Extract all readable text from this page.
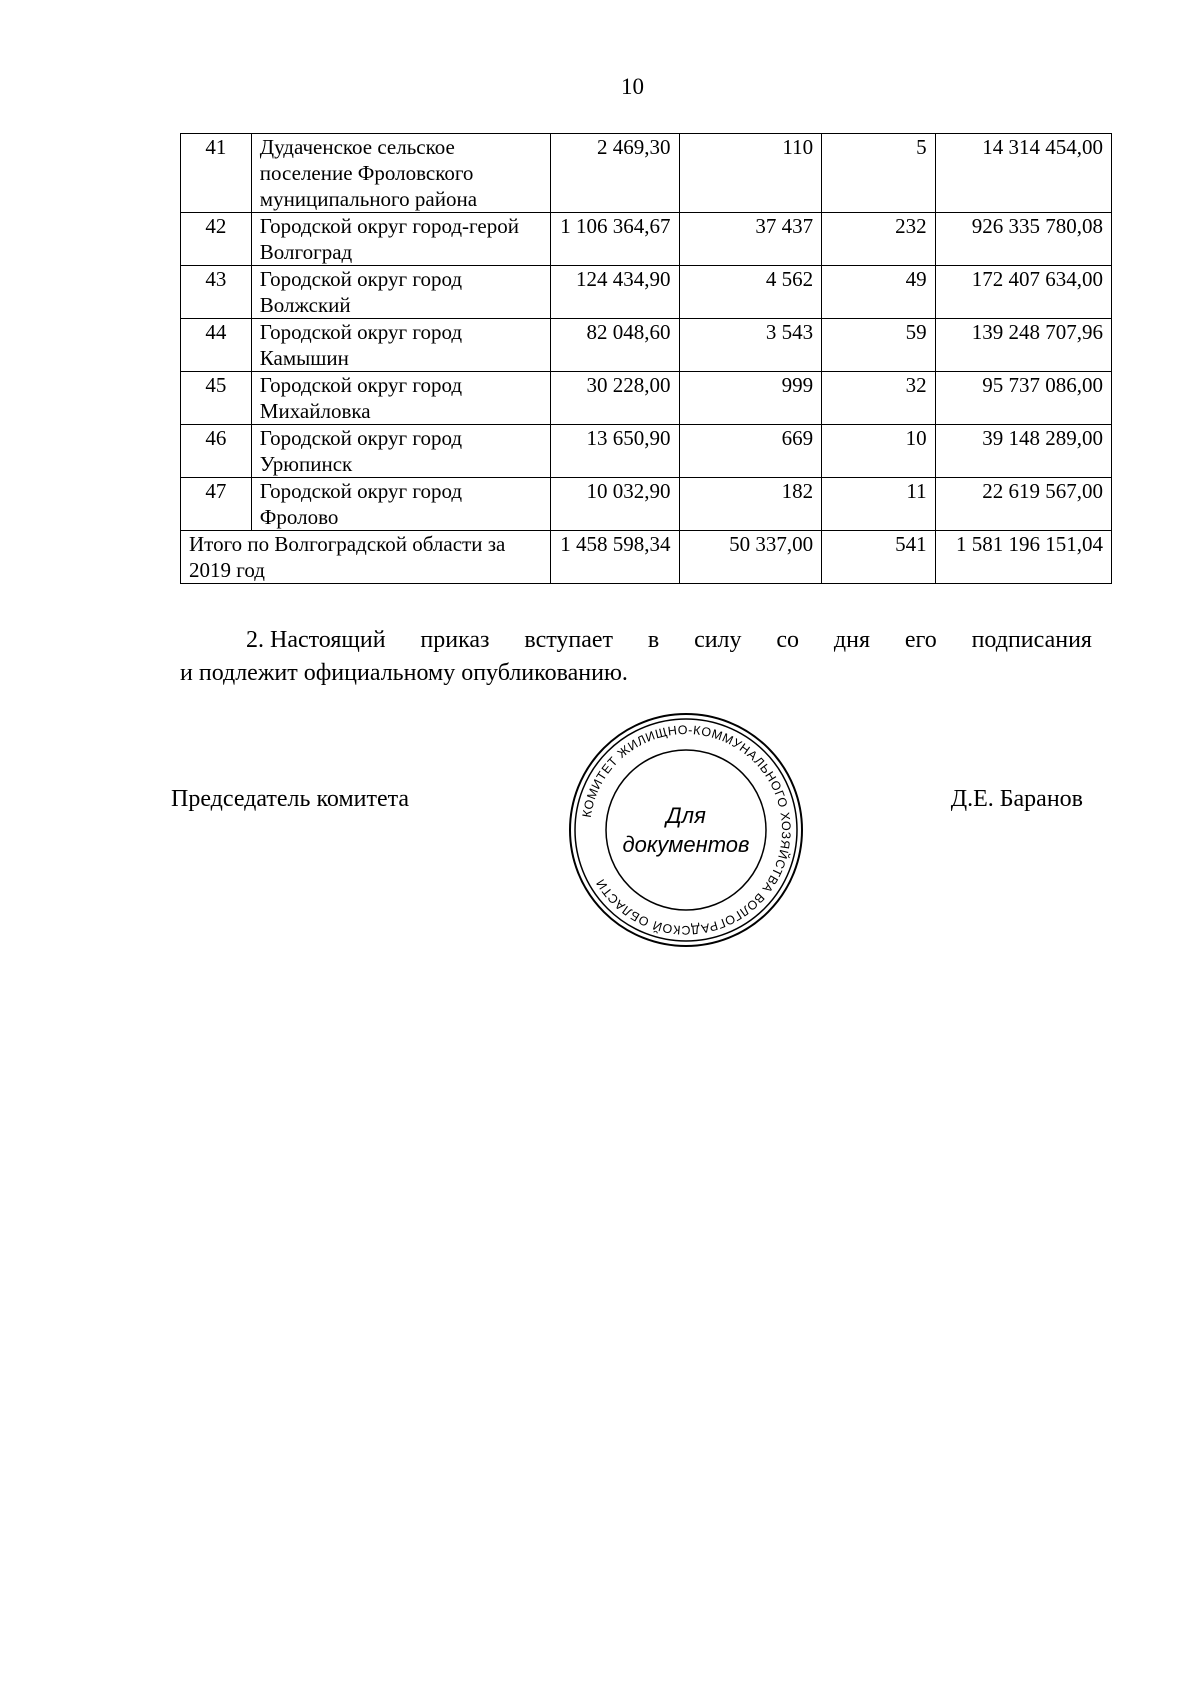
10
41	Дудаченское сельское поселение Фроловского муниципального района	2 469,30	110	5	14 314 454,00
42	Городской округ город-герой Волгоград	1 106 364,67	37 437	232	926 335 780,08
43	Городской округ город Волжский	124 434,90	4 562	49	172 407 634,00
44	Городской округ город Камышин	82 048,60	3 543	59	139 248 707,96
45	Городской округ город Михайловка	30 228,00	999	32	95 737 086,00
46	Городской округ город Урюпинск	13 650,90	669	10	39 148 289,00
47	Городской округ город Фролово	10 032,90	182	11	22 619 567,00
Итого по Волгоградской области за 2019 год		1 458 598,34	50 337,00	541	1 581 196 151,04
2. Настоящий приказ вступает в силу со дня его подписания
и подлежит официальному опубликованию.
Председатель комитета	Д.Е. Баранов
КОМИТЕТ ЖИЛИЩНО-КОММУНАЛЬНОГО ХОЗЯЙСТВА ВОЛГОГРАДСКОЙ ОБЛАСТИ
Для
документов
